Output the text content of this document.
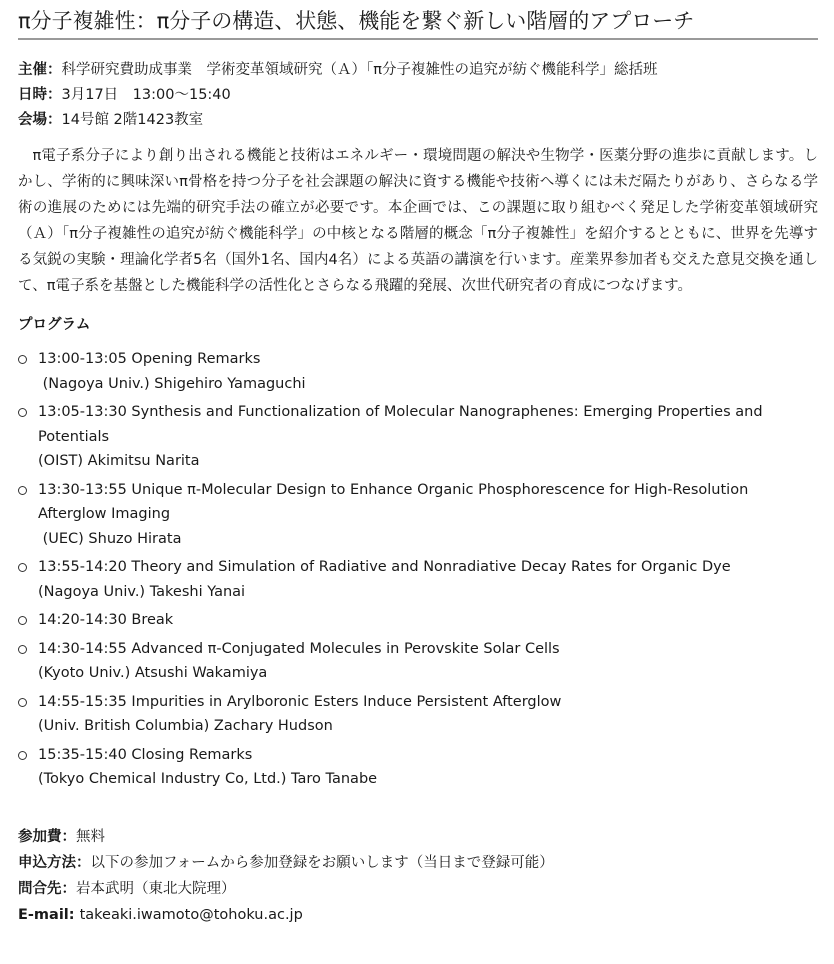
π分子複雑性：π分子の構造、状態、機能を繋ぐ新しい階層的アプローチ
主催：科学研究費助成事業　学術変革領域研究（Ａ）「π分子複雑性の追究が紡ぐ機能科学」総括班
日時：3月17日　13:00〜15:40
会場：14号館 2階1423教室

π電子系分子により創り出される機能と技術はエネルギー・環境問題の解決や生物学・医薬分野の進歩に貢献します。しかし、学術的に興味深いπ骨格を持つ分子を社会課題の解決に資する機能や技術へ導くには未だ隔たりがあり、さらなる学術の進展のためには先端的研究手法の確立が必要です。本企画では、この課題に取り組むべく発足した学術変革領域研究（Ａ）「π分子複雑性の追究が紡ぐ機能科学」の中核となる階層的概念「π分子複雑性」を紹介するとともに、世界を先導する気鋭の実験・理論化学者5名（国外1名、国内4名）による英語の講演を行います。産業界参加者も交えた意見交換を通して、π電子系を基盤とした機能科学の活性化とさらなる飛躍的発展、次世代研究者の育成につなげます。

プログラム
13:00-13:05 Opening Remarks
(Nagoya Univ.) Shigehiro Yamaguchi
13:05-13:30 Synthesis and Functionalization of Molecular Nanographenes: Emerging Properties and Potentials
(OIST) Akimitsu Narita
13:30-13:55 Unique π-Molecular Design to Enhance Organic Phosphorescence for High-Resolution Afterglow Imaging
(UEC) Shuzo Hirata
13:55-14:20 Theory and Simulation of Radiative and Nonradiative Decay Rates for Organic Dye
(Nagoya Univ.) Takeshi Yanai
14:20-14:30 Break
14:30-14:55 Advanced π-Conjugated Molecules in Perovskite Solar Cells
(Kyoto Univ.) Atsushi Wakamiya
14:55-15:35 Impurities in Arylboronic Esters Induce Persistent Afterglow
(Univ. British Columbia) Zachary Hudson
15:35-15:40 Closing Remarks
(Tokyo Chemical Industry Co, Ltd.) Taro Tanabe
参加費：無料
申込方法：以下の参加フォームから参加登録をお願いします（当日まで登録可能）
問合先：岩本武明（東北大院理）
E-mail: takeaki.iwamoto@tohoku.ac.jp
